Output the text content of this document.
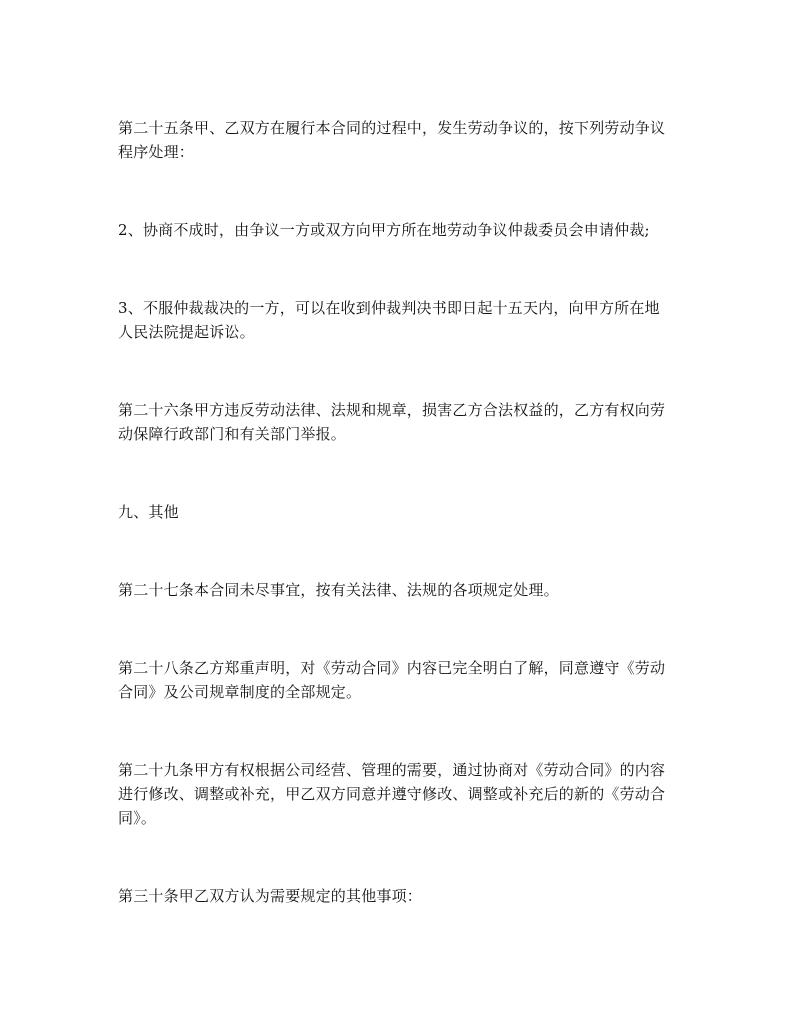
第二十五条甲、乙双方在履行本合同的过程中，发生劳动争议的，按下列劳动争议
程序处理：
2、协商不成时，由争议一方或双方向甲方所在地劳动争议仲裁委员会申请仲裁;
3、不服仲裁裁决的一方，可以在收到仲裁判决书即日起十五天内，向甲方所在地
人民法院提起诉讼。
第二十六条甲方违反劳动法律、法规和规章，损害乙方合法权益的，乙方有权向劳
动保障行政部门和有关部门举报。
九、其他
第二十七条本合同未尽事宜，按有关法律、法规的各项规定处理。
第二十八条乙方郑重声明，对《劳动合同》内容已完全明白了解，同意遵守《劳动
合同》及公司规章制度的全部规定。
第二十九条甲方有权根据公司经营、管理的需要，通过协商对《劳动合同》的内容
进行修改、调整或补充，甲乙双方同意并遵守修改、调整或补充后的新的《劳动合
同》。
第三十条甲乙双方认为需要规定的其他事项：
